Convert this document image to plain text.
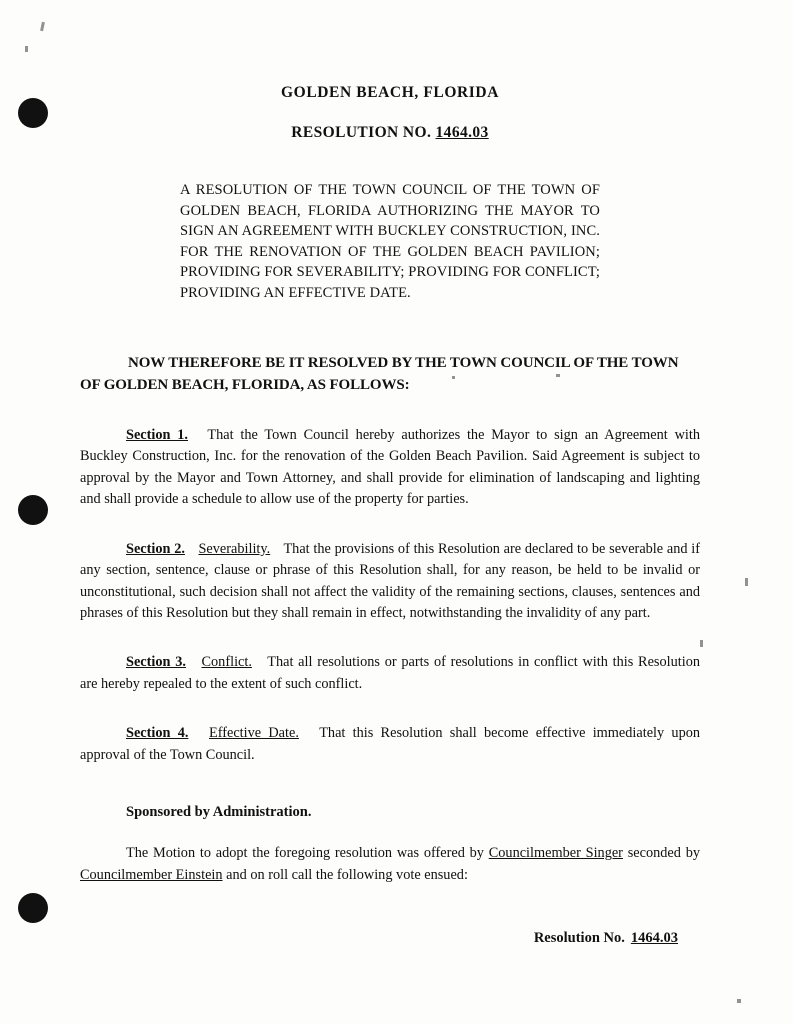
GOLDEN BEACH, FLORIDA
RESOLUTION NO. 1464.03
A RESOLUTION OF THE TOWN COUNCIL OF THE TOWN OF GOLDEN BEACH, FLORIDA AUTHORIZING THE MAYOR TO SIGN AN AGREEMENT WITH BUCKLEY CONSTRUCTION, INC. FOR THE RENOVATION OF THE GOLDEN BEACH PAVILION; PROVIDING FOR SEVERABILITY; PROVIDING FOR CONFLICT; PROVIDING AN EFFECTIVE DATE.
NOW THEREFORE BE IT RESOLVED BY THE TOWN COUNCIL OF THE TOWN
OF GOLDEN BEACH, FLORIDA, AS FOLLOWS:

Section 1. That the Town Council hereby authorizes the Mayor to sign an Agreement with Buckley Construction, Inc. for the renovation of the Golden Beach Pavilion. Said Agreement is subject to approval by the Mayor and Town Attorney, and shall provide for elimination of landscaping and lighting and shall provide a schedule to allow use of the property for parties.

Section 2. Severability. That the provisions of this Resolution are declared to be severable and if any section, sentence, clause or phrase of this Resolution shall, for any reason, be held to be invalid or unconstitutional, such decision shall not affect the validity of the remaining sections, clauses, sentences and phrases of this Resolution but they shall remain in effect, notwithstanding the invalidity of any part.

Section 3. Conflict. That all resolutions or parts of resolutions in conflict with this Resolution are hereby repealed to the extent of such conflict.

Section 4. Effective Date. That this Resolution shall become effective immediately upon approval of the Town Council.

Sponsored by Administration.

The Motion to adopt the foregoing resolution was offered by Councilmember Singer seconded by Councilmember Einstein and on roll call the following vote ensued:

Resolution No. 1464.03
